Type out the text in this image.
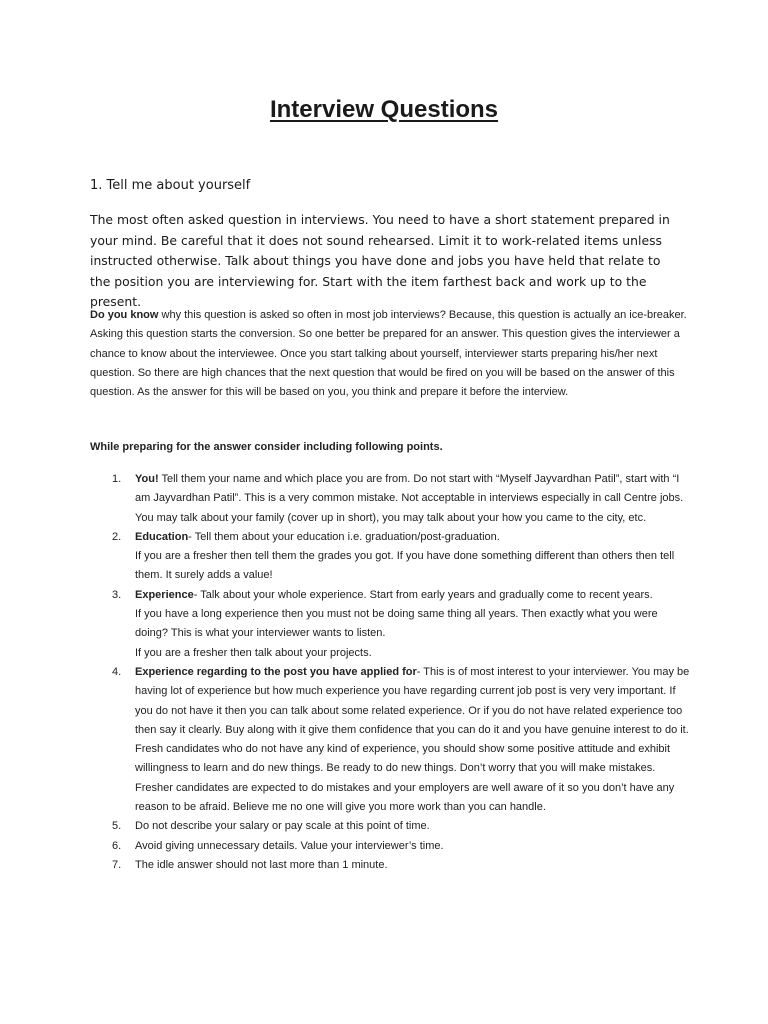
Interview Questions
1. Tell me about yourself

The most often asked question in interviews. You need to have a short statement prepared in your mind. Be careful that it does not sound rehearsed. Limit it to work-related items unless instructed otherwise. Talk about things you have done and jobs you have held that relate to the position you are interviewing for. Start with the item farthest back and work up to the present.

Do you know why this question is asked so often in most job interviews? Because, this question is actually an ice-breaker. Asking this question starts the conversion. So one better be prepared for an answer. This question gives the interviewer a chance to know about the interviewee. Once you start talking about yourself, interviewer starts preparing his/her next question. So there are high chances that the next question that would be fired on you will be based on the answer of this question. As the answer for this will be based on you, you think and prepare it before the interview.

While preparing for the answer consider including following points.

1. You! Tell them your name and which place you are from. Do not start with “Myself Jayvardhan Patil”, start with “I am Jayvardhan Patil”. This is a very common mistake. Not acceptable in interviews especially in call Centre jobs.
You may talk about your family (cover up in short), you may talk about your how you came to the city, etc.
2. Education- Tell them about your education i.e. graduation/post-graduation.
If you are a fresher then tell them the grades you got. If you have done something different than others then tell them. It surely adds a value!
3. Experience- Talk about your whole experience. Start from early years and gradually come to recent years.
If you have a long experience then you must not be doing same thing all years. Then exactly what you were doing? This is what your interviewer wants to listen.
If you are a fresher then talk about your projects.
4. Experience regarding to the post you have applied for- This is of most interest to your interviewer. You may be having lot of experience but how much experience you have regarding current job post is very very important. If you do not have it then you can talk about some related experience. Or if you do not have related experience too then say it clearly. Buy along with it give them confidence that you can do it and you have genuine interest to do it.
Fresh candidates who do not have any kind of experience, you should show some positive attitude and exhibit willingness to learn and do new things. Be ready to do new things. Don’t worry that you will make mistakes. Fresher candidates are expected to do mistakes and your employers are well aware of it so you don’t have any reason to be afraid. Believe me no one will give you more work than you can handle.
5. Do not describe your salary or pay scale at this point of time.
6. Avoid giving unnecessary details. Value your interviewer’s time.
7. The idle answer should not last more than 1 minute.
